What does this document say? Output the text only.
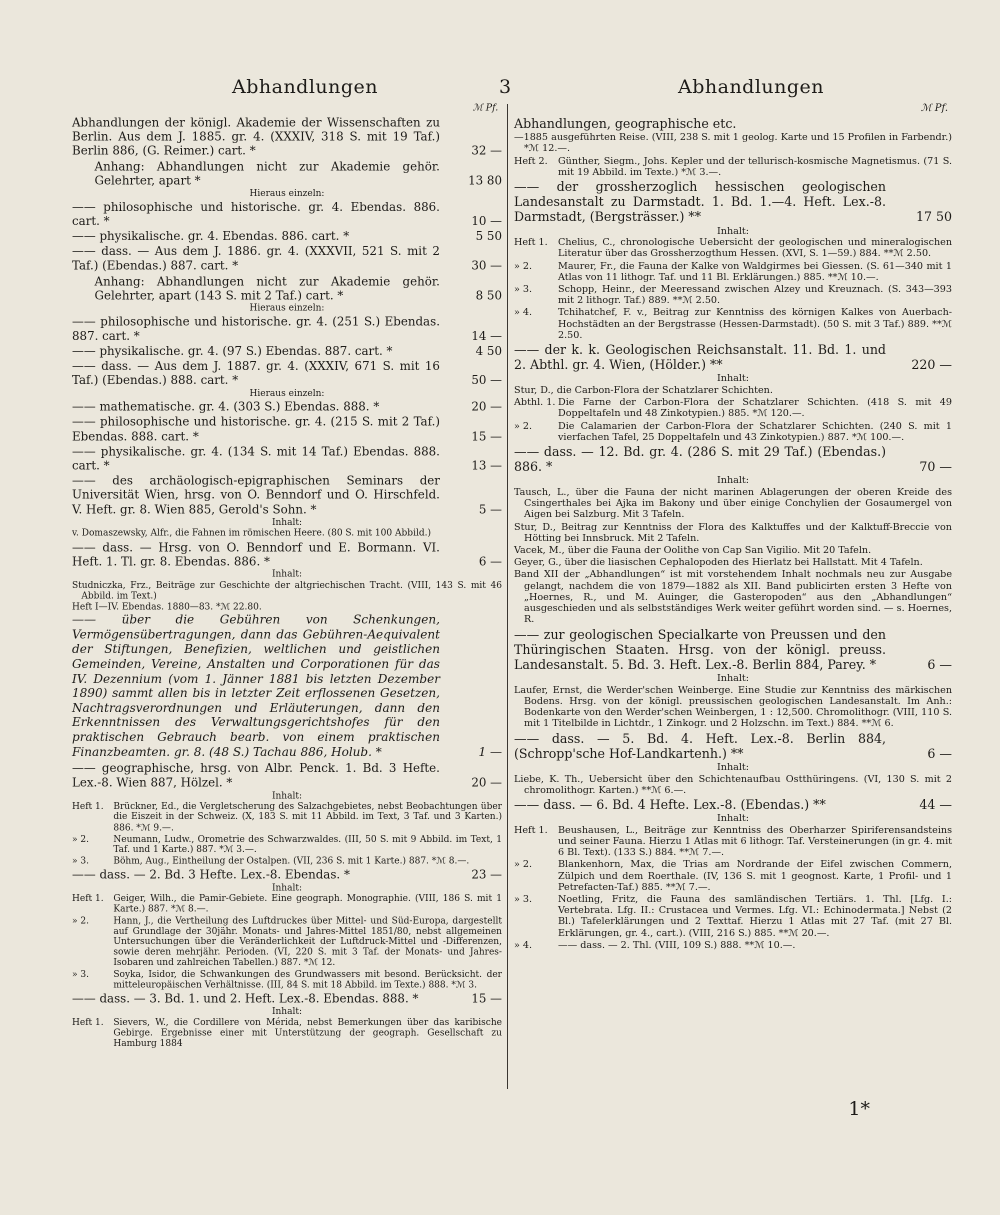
Abhandlungen	3	Abhandlungen
ℳ Pf.
Abhandlungen der königl. Akademie der Wissenschaften zu Berlin. Aus dem J. 1885. gr. 4. (XXXIV, 318 S. mit 19 Taf.) Berlin 886, (G. Reimer.) cart. *	32 —
Anhang: Abhandlungen nicht zur Akademie gehör. Gelehrter, apart *	13 80
Hieraus einzeln:
—— philosophische und historische. gr. 4. Ebendas. 886. cart. *	10 —
—— physikalische. gr. 4. Ebendas. 886. cart. *	5 50
—— dass. — Aus dem J. 1886. gr. 4. (XXXVII, 521 S. mit 2 Taf.) (Ebendas.) 887. cart. *	30 —
Anhang: Abhandlungen nicht zur Akademie gehör. Gelehrter, apart (143 S. mit 2 Taf.) cart. *	8 50
Hieraus einzeln:
—— philosophische und historische. gr. 4. (251 S.) Ebendas. 887. cart. *	14 —
—— physikalische. gr. 4. (97 S.) Ebendas. 887. cart. *	4 50
—— dass. — Aus dem J. 1887. gr. 4. (XXXIV, 671 S. mit 16 Taf.) (Ebendas.) 888. cart. *	50 —
Hieraus einzeln:
—— mathematische. gr. 4. (303 S.) Ebendas. 888. *	20 —
—— philosophische und historische. gr. 4. (215 S. mit 2 Taf.) Ebendas. 888. cart. *	15 —
—— physikalische. gr. 4. (134 S. mit 14 Taf.) Ebendas. 888. cart. *	13 —
—— des archäologisch-epigraphischen Seminars der Universität Wien, hrsg. von O. Benndorf und O. Hirschfeld. V. Heft. gr. 8. Wien 885, Gerold's Sohn. *	5 —
Inhalt:
v. Domaszewsky, Alfr., die Fahnen im römischen Heere. (80 S. mit 100 Abbild.)
—— dass. — Hrsg. von O. Benndorf und E. Bormann. VI. Heft. 1. Tl. gr. 8. Ebendas. 886. *	6 —
Inhalt:
Studniczka, Frz., Beiträge zur Geschichte der altgriechischen Tracht. (VIII, 143 S. mit 46 Abbild. im Text.)
Heft I—IV. Ebendas. 1880—83. *ℳ 22.80.
—— über die Gebühren von Schenkungen, Vermögensübertragungen, dann das Gebühren-Aequivalent der Stiftungen, Benefizien, weltlichen und geistlichen Gemeinden, Vereine, Anstalten und Corporationen für das IV. Dezennium (vom 1. Jänner 1881 bis letzten Dezember 1890) sammt allen bis in letzter Zeit erflossenen Gesetzen, Nachtragsverordnungen und Erläuterungen, dann den Erkenntnissen des Verwaltungsgerichtshofes für den praktischen Gebrauch bearb. von einem praktischen Finanzbeamten. gr. 8. (48 S.) Tachau 886, Holub. *	1 —
—— geographische, hrsg. von Albr. Penck. 1. Bd. 3 Hefte. Lex.-8. Wien 887, Hölzel. *	20 —
Inhalt:
Heft 1. Brückner, Ed., die Vergletscherung des Salzachgebietes, nebst Beobachtungen über die Eiszeit in der Schweiz. (X, 183 S. mit 11 Abbild. im Text, 3 Taf. und 3 Karten.) 886. *ℳ 9.—.
» 2.	Neumann, Ludw., Orometrie des Schwarzwaldes. (III, 50 S. mit 9 Abbild. im Text, 1 Taf. und 1 Karte.) 887. *ℳ 3.—.
» 3.	Böhm, Aug., Eintheilung der Ostalpen. (VII, 236 S. mit 1 Karte.) 887. *ℳ 8.—.
—— dass. — 2. Bd. 3 Hefte. Lex.-8. Ebendas. *	23 —
Inhalt:
Heft 1. Geiger, Wilh., die Pamir-Gebiete. Eine geograph. Monographie. (VIII, 186 S. mit 1 Karte.) 887. *ℳ 8.—.
» 2.	Hann, J., die Vertheilung des Luftdruckes über Mittel- und Süd-Europa, dargestellt auf Grundlage der 30jähr. Monats- und Jahres-Mittel 1851/80, nebst allgemeinen Untersuchungen über die Veränderlichkeit der Luftdruck-Mittel und -Differenzen, sowie deren mehrjähr. Perioden. (VI, 220 S. mit 3 Taf. der Monats- und Jahres-Isobaren und zahlreichen Tabellen.) 887. *ℳ 12.
» 3.	Soyka, Isidor, die Schwankungen des Grundwassers mit besond. Berücksicht. der mitteleuropäischen Verhältnisse. (III, 84 S. mit 18 Abbild. im Texte.) 888. *ℳ 3.
—— dass. — 3. Bd. 1. und 2. Heft. Lex.-8. Ebendas. 888. *	15 —
Inhalt:
Heft 1. Sievers, W., die Cordillere von Mérida, nebst Bemerkungen über das karibische Gebirge. Ergebnisse einer mit Unterstützung der geograph. Gesellschaft zu Hamburg 1884
ℳ Pf.
Abhandlungen, geographische etc.
—1885 ausgeführten Reise. (VIII, 238 S. mit 1 geolog. Karte und 15 Profilen in Farbendr.) *ℳ 12.—.
Heft 2. Günther, Siegm., Johs. Kepler und der tellurisch-kosmische Magnetismus. (71 S. mit 19 Abbild. im Texte.) *ℳ 3.—.
—— der grossherzoglich hessischen geologischen Landesanstalt zu Darmstadt. 1. Bd. 1.—4. Heft. Lex.-8. Darmstadt, (Bergsträsser.) **	17 50
Inhalt:
Heft 1. Chelius, C., chronologische Uebersicht der geologischen und mineralogischen Literatur über das Grossherzogthum Hessen. (XVI, S. 1—59.) 884. **ℳ 2.50.
» 2.	Maurer, Fr., die Fauna der Kalke von Waldgirmes bei Giessen. (S. 61—340 mit 1 Atlas von 11 lithogr. Taf. und 11 Bl. Erklärungen.) 885. **ℳ 10.—.
» 3.	Schopp, Heinr., der Meeressand zwischen Alzey und Kreuznach. (S. 343—393 mit 2 lithogr. Taf.) 889. **ℳ 2.50.
» 4.	Tchihatchef, F. v., Beitrag zur Kenntniss des körnigen Kalkes von Auerbach-Hochstädten an der Bergstrasse (Hessen-Darmstadt). (50 S. mit 3 Taf.) 889. **ℳ 2.50.
—— der k. k. Geologischen Reichsanstalt. 11. Bd. 1. und 2. Abthl. gr. 4. Wien, (Hölder.) **	220 —
Inhalt:
Stur, D., die Carbon-Flora der Schatzlarer Schichten.
Abthl. 1. Die Farne der Carbon-Flora der Schatzlarer Schichten. (418 S. mit 49 Doppeltafeln und 48 Zinkotypien.) 885. *ℳ 120.—.
» 2.	Die Calamarien der Carbon-Flora der Schatzlarer Schichten. (240 S. mit 1 vierfachen Tafel, 25 Doppeltafeln und 43 Zinkotypien.) 887. *ℳ 100.—.
—— dass. — 12. Bd. gr. 4. (286 S. mit 29 Taf.) (Ebendas.) 886. *	70 —
Inhalt:
Tausch, L., über die Fauna der nicht marinen Ablagerungen der oberen Kreide des Csingerthales bei Ajka im Bakony und über einige Conchylien der Gosaumergel von Aigen bei Salzburg. Mit 3 Tafeln.
Stur, D., Beitrag zur Kenntniss der Flora des Kalktuffes und der Kalktuff-Breccie von Hötting bei Innsbruck. Mit 2 Tafeln.
Vacek, M., über die Fauna der Oolithe von Cap San Vigilio. Mit 20 Tafeln.
Geyer, G., über die liasischen Cephalopoden des Hierlatz bei Hallstatt. Mit 4 Tafeln.
Band XII der „Abhandlungen“ ist mit vorstehendem Inhalt nochmals neu zur Ausgabe gelangt, nachdem die von 1879—1882 als XII. Band publicirten ersten 3 Hefte von „Hoernes, R., und M. Auinger, die Gasteropoden“ aus den „Abhandlungen“ ausgeschieden und als selbstständiges Werk weiter geführt worden sind. — s. Hoernes, R.
—— zur geologischen Specialkarte von Preussen und den Thüringischen Staaten. Hrsg. von der königl. preuss. Landesanstalt. 5. Bd. 3. Heft. Lex.-8. Berlin 884, Parey. *	6 —
Inhalt:
Laufer, Ernst, die Werder'schen Weinberge. Eine Studie zur Kenntniss des märkischen Bodens. Hrsg. von der königl. preussischen geologischen Landesanstalt. Im Anh.: Bodenkarte von den Werder'schen Weinbergen, 1 : 12,500. Chromolithogr. (VIII, 110 S. mit 1 Titelbilde in Lichtdr., 1 Zinkogr. und 2 Holzschn. im Text.) 884. **ℳ 6.
—— dass. — 5. Bd. 4. Heft. Lex.-8. Berlin 884, (Schropp'sche Hof-Landkartenh.) **	6 —
Inhalt:
Liebe, K. Th., Uebersicht über den Schichtenaufbau Ostthüringens. (VI, 130 S. mit 2 chromolithogr. Karten.) **ℳ 6.—.
—— dass. — 6. Bd. 4 Hefte. Lex.-8. (Ebendas.) **	44 —
Inhalt:
Heft 1. Beushausen, L., Beiträge zur Kenntniss des Oberharzer Spiriferensandsteins und seiner Fauna. Hierzu 1 Atlas mit 6 lithogr. Taf. Versteinerungen (in gr. 4. mit 6 Bl. Text). (133 S.) 884. **ℳ 7.—.
» 2.	Blankenhorn, Max, die Trias am Nordrande der Eifel zwischen Commern, Zülpich und dem Roerthale. (IV, 136 S. mit 1 geognost. Karte, 1 Profil- und 1 Petrefacten-Taf.) 885. **ℳ 7.—.
» 3.	Noetling, Fritz, die Fauna des samländischen Tertiärs. 1. Thl. [Lfg. I.: Vertebrata. Lfg. II.: Crustacea und Vermes. Lfg. VI.: Echinodermata.] Nebst (2 Bl.) Tafelerklärungen und 2 Texttaf. Hierzu 1 Atlas mit 27 Taf. (mit 27 Bl. Erklärungen, gr. 4., cart.). (VIII, 216 S.) 885. **ℳ 20.—.
» 4.	—— dass. — 2. Thl. (VIII, 109 S.) 888. **ℳ 10.—.
1*
